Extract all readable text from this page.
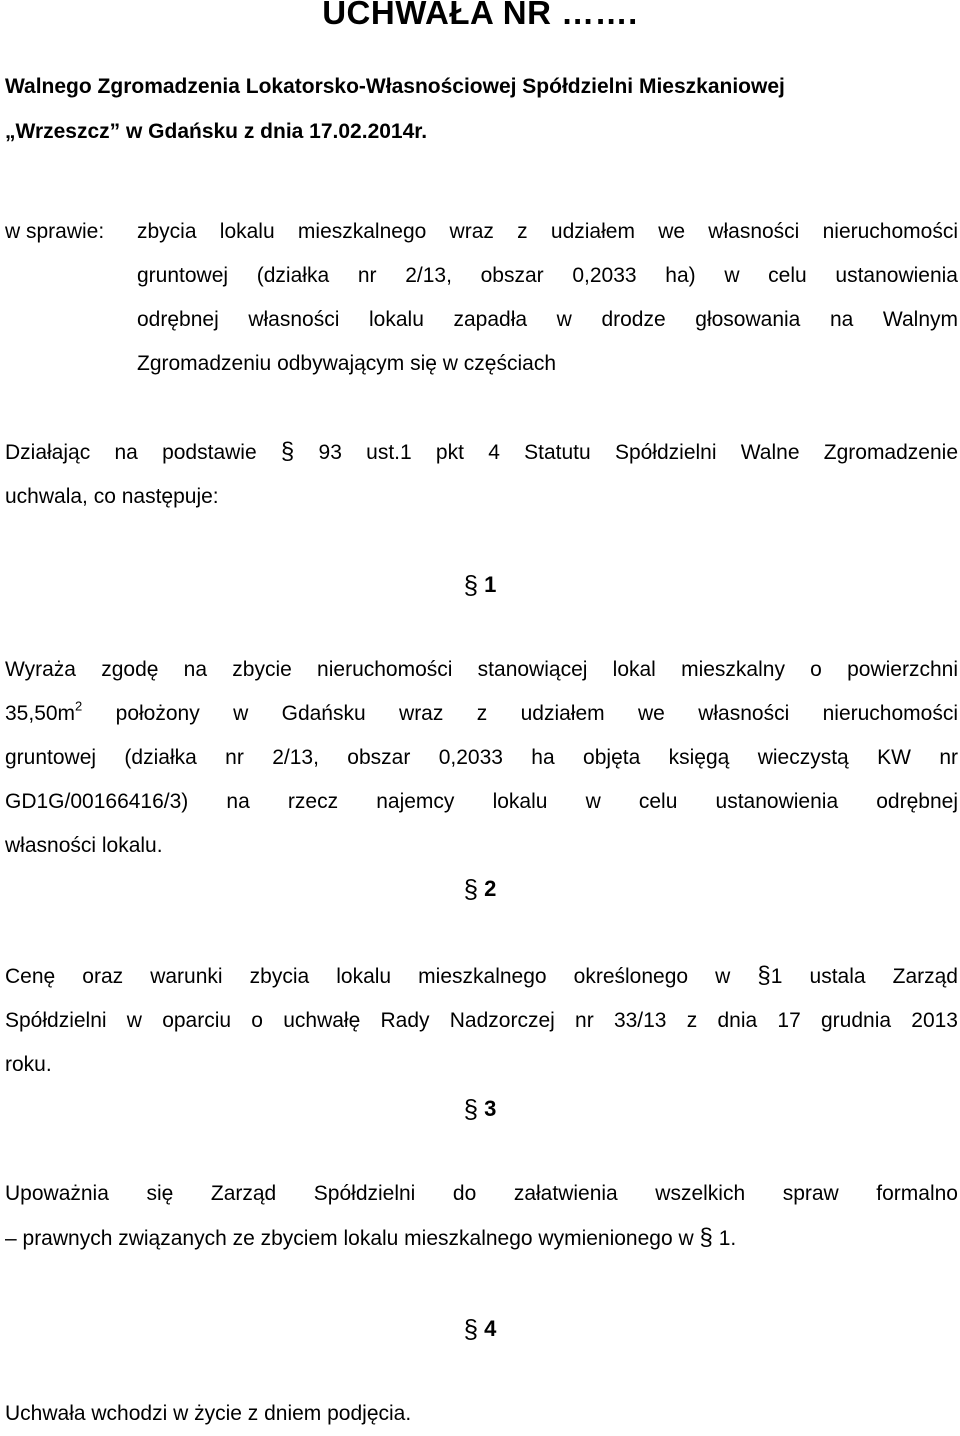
UCHWAŁA NR …….
Walnego Zgromadzenia Lokatorsko-Własnościowej Spółdzielni Mieszkaniowej
„Wrzeszcz” w Gdańsku z dnia 17.02.2014r.
w sprawie: zbycia lokalu mieszkalnego wraz z udziałem we własności nieruchomości
gruntowej (działka nr 2/13, obszar 0,2033 ha) w celu ustanowienia
odrębnej własności lokalu zapadła w drodze głosowania na Walnym
Zgromadzeniu odbywającym się w częściach
Działając na podstawie § 93 ust.1 pkt 4 Statutu Spółdzielni Walne Zgromadzenie
uchwala, co następuje:
§ 1
Wyraża zgodę na zbycie nieruchomości stanowiącej lokal mieszkalny o powierzchni
$35,50m^2$ położony w Gdańsku wraz z udziałem we własności nieruchomości
gruntowej (działka nr 2/13, obszar 0,2033 ha objęta księgą wieczystą KW nr
GD1G/00166416/3) na rzecz najemcy lokalu w celu ustanowienia odrębnej
własności lokalu.
§ 2
Cenę oraz warunki zbycia lokalu mieszkalnego określonego w §1 ustala Zarząd
Spółdzielni w oparciu o uchwałę Rady Nadzorczej nr 33/13 z dnia 17 grudnia 2013
roku.
§ 3
Upoważnia się Zarząd Spółdzielni do załatwienia wszelkich spraw formalno
– prawnych związanych ze zbyciem lokalu mieszkalnego wymienionego w § 1.
§ 4
Uchwała wchodzi w życie z dniem podjęcia.
